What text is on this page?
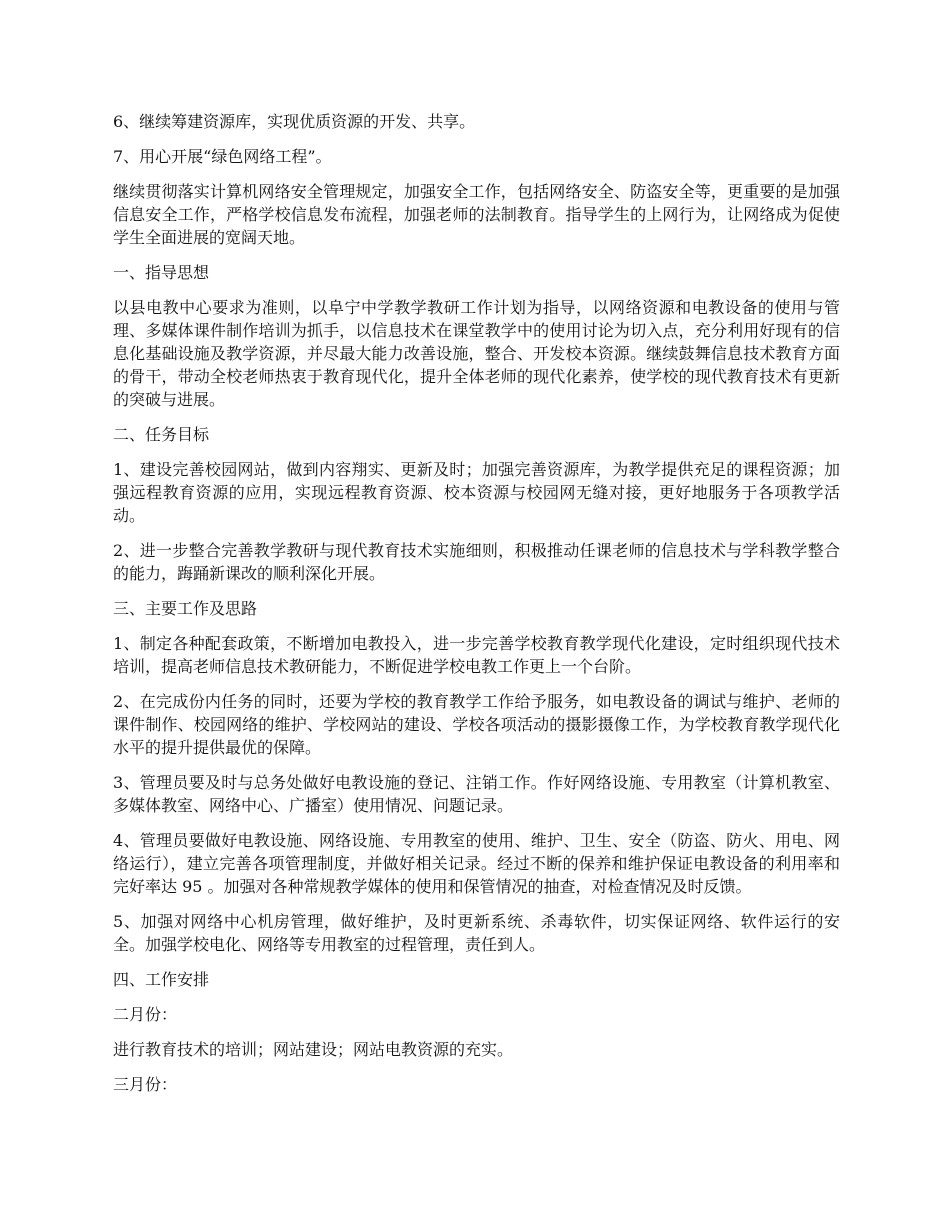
6、继续筹建资源库，实现优质资源的开发、共享。

7、用心开展“绿色网络工程”。

继续贯彻落实计算机网络安全管理规定，加强安全工作，包括网络安全、防盗安全等，更重要的是加强信息安全工作，严格学校信息发布流程，加强老师的法制教育。指导学生的上网行为，让网络成为促使学生全面进展的宽阔天地。

一、指导思想

以县电教中心要求为准则，以阜宁中学教学教研工作计划为指导，以网络资源和电教设备的使用与管理、多媒体课件制作培训为抓手，以信息技术在课堂教学中的使用讨论为切入点，充分利用好现有的信息化基础设施及教学资源，并尽最大能力改善设施，整合、开发校本资源。继续鼓舞信息技术教育方面的骨干，带动全校老师热衷于教育现代化，提升全体老师的现代化素养，使学校的现代教育技术有更新的突破与进展。

二、任务目标

1、建设完善校园网站，做到内容翔实、更新及时；加强完善资源库，为教学提供充足的课程资源；加强远程教育资源的应用，实现远程教育资源、校本资源与校园网无缝对接，更好地服务于各项教学活动。

2、进一步整合完善教学教研与现代教育技术实施细则，积极推动任课老师的信息技术与学科教学整合的能力，踇踊新课改的顺利深化开展。

三、主要工作及思路

1、制定各种配套政策，不断增加电教投入，进一步完善学校教育教学现代化建设，定时组织现代技术培训，提高老师信息技术教研能力，不断促进学校电教工作更上一个台阶。

2、在完成份内任务的同时，还要为学校的教育教学工作给予服务，如电教设备的调试与维护、老师的课件制作、校园网络的维护、学校网站的建设、学校各项活动的摄影摄像工作，为学校教育教学现代化水平的提升提供最优的保障。

3、管理员要及时与总务处做好电教设施的登记、注销工作。作好网络设施、专用教室（计算机教室、多媒体教室、网络中心、广播室）使用情况、问题记录。

4、管理员要做好电教设施、网络设施、专用教室的使用、维护、卫生、安全（防盗、防火、用电、网络运行），建立完善各项管理制度，并做好相关记录。经过不断的保养和维护保证电教设备的利用率和完好率达 95 。加强对各种常规教学媒体的使用和保管情况的抽查，对检查情况及时反馈。

5、加强对网络中心机房管理，做好维护，及时更新系统、杀毒软件，切实保证网络、软件运行的安全。加强学校电化、网络等专用教室的过程管理，责任到人。

四、工作安排

二月份：

进行教育技术的培训；网站建设；网站电教资源的充实。

三月份：
